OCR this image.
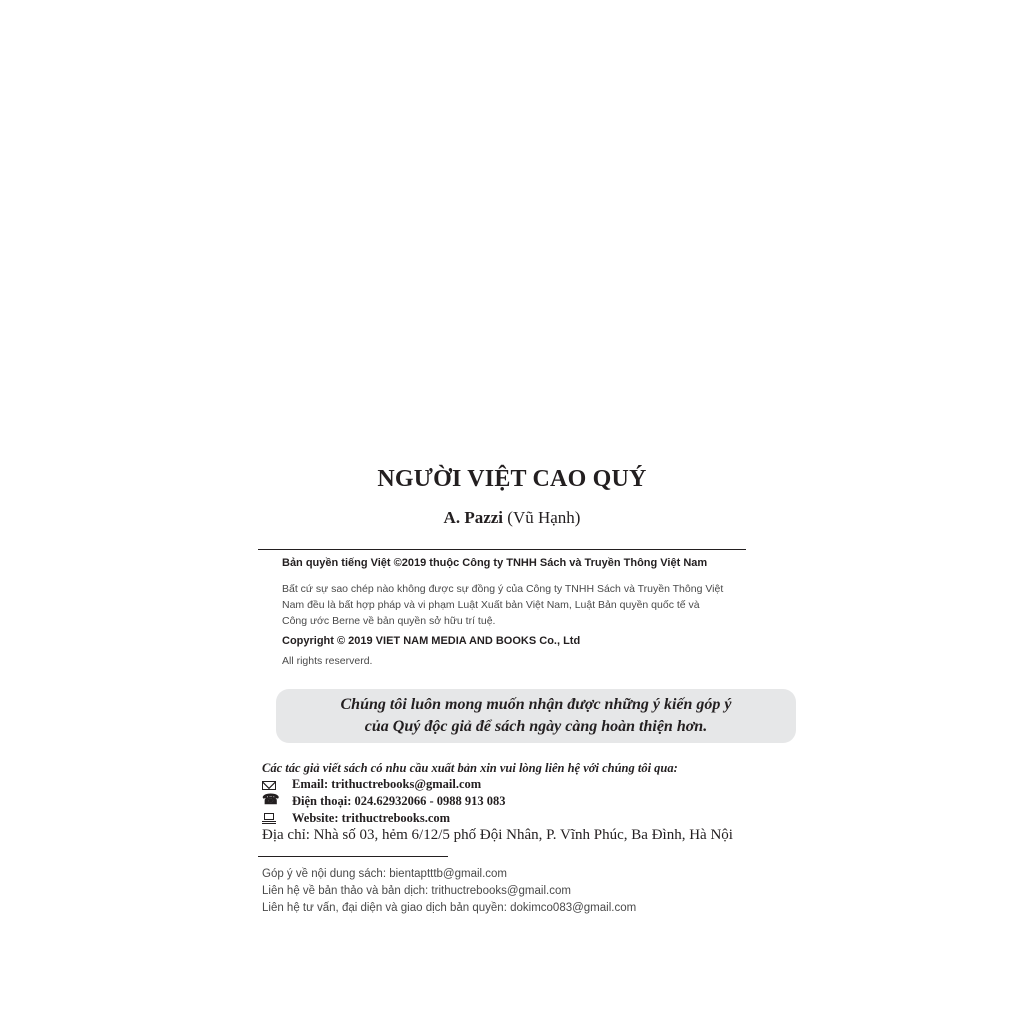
NGƯỜI VIỆT CAO QUÝ
A. Pazzi (Vũ Hạnh)
Bản quyền tiếng Việt ©2019 thuộc Công ty TNHH Sách và Truyền Thông Việt Nam
Bất cứ sự sao chép nào không được sự đồng ý của Công ty TNHH Sách và Truyền Thông Việt
Nam đều là bất hợp pháp và vi phạm Luật Xuất bản Việt Nam, Luật Bản quyền quốc tế và
Công ước Berne về bản quyền sở hữu trí tuệ.
Copyright © 2019 VIET NAM MEDIA AND BOOKS Co., Ltd
All rights reserverd.
Chúng tôi luôn mong muốn nhận được những ý kiến góp ý
của Quý độc giả để sách ngày càng hoàn thiện hơn.
Các tác giả viết sách có nhu cầu xuất bản xin vui lòng liên hệ với chúng tôi qua:
Email: trithuctrebooks@gmail.com
☎ Điện thoại: 024.62932066 - 0988 913 083
Website: trithuctrebooks.com
Địa chỉ: Nhà số 03, hẻm 6/12/5 phố Đội Nhân, P. Vĩnh Phúc, Ba Đình, Hà Nội
Góp ý về nội dung sách: bientaptttb@gmail.com
Liên hệ về bản thảo và bản dịch: trithuctrebooks@gmail.com
Liên hệ tư vấn, đại diện và giao dịch bản quyền: dokimco083@gmail.com
